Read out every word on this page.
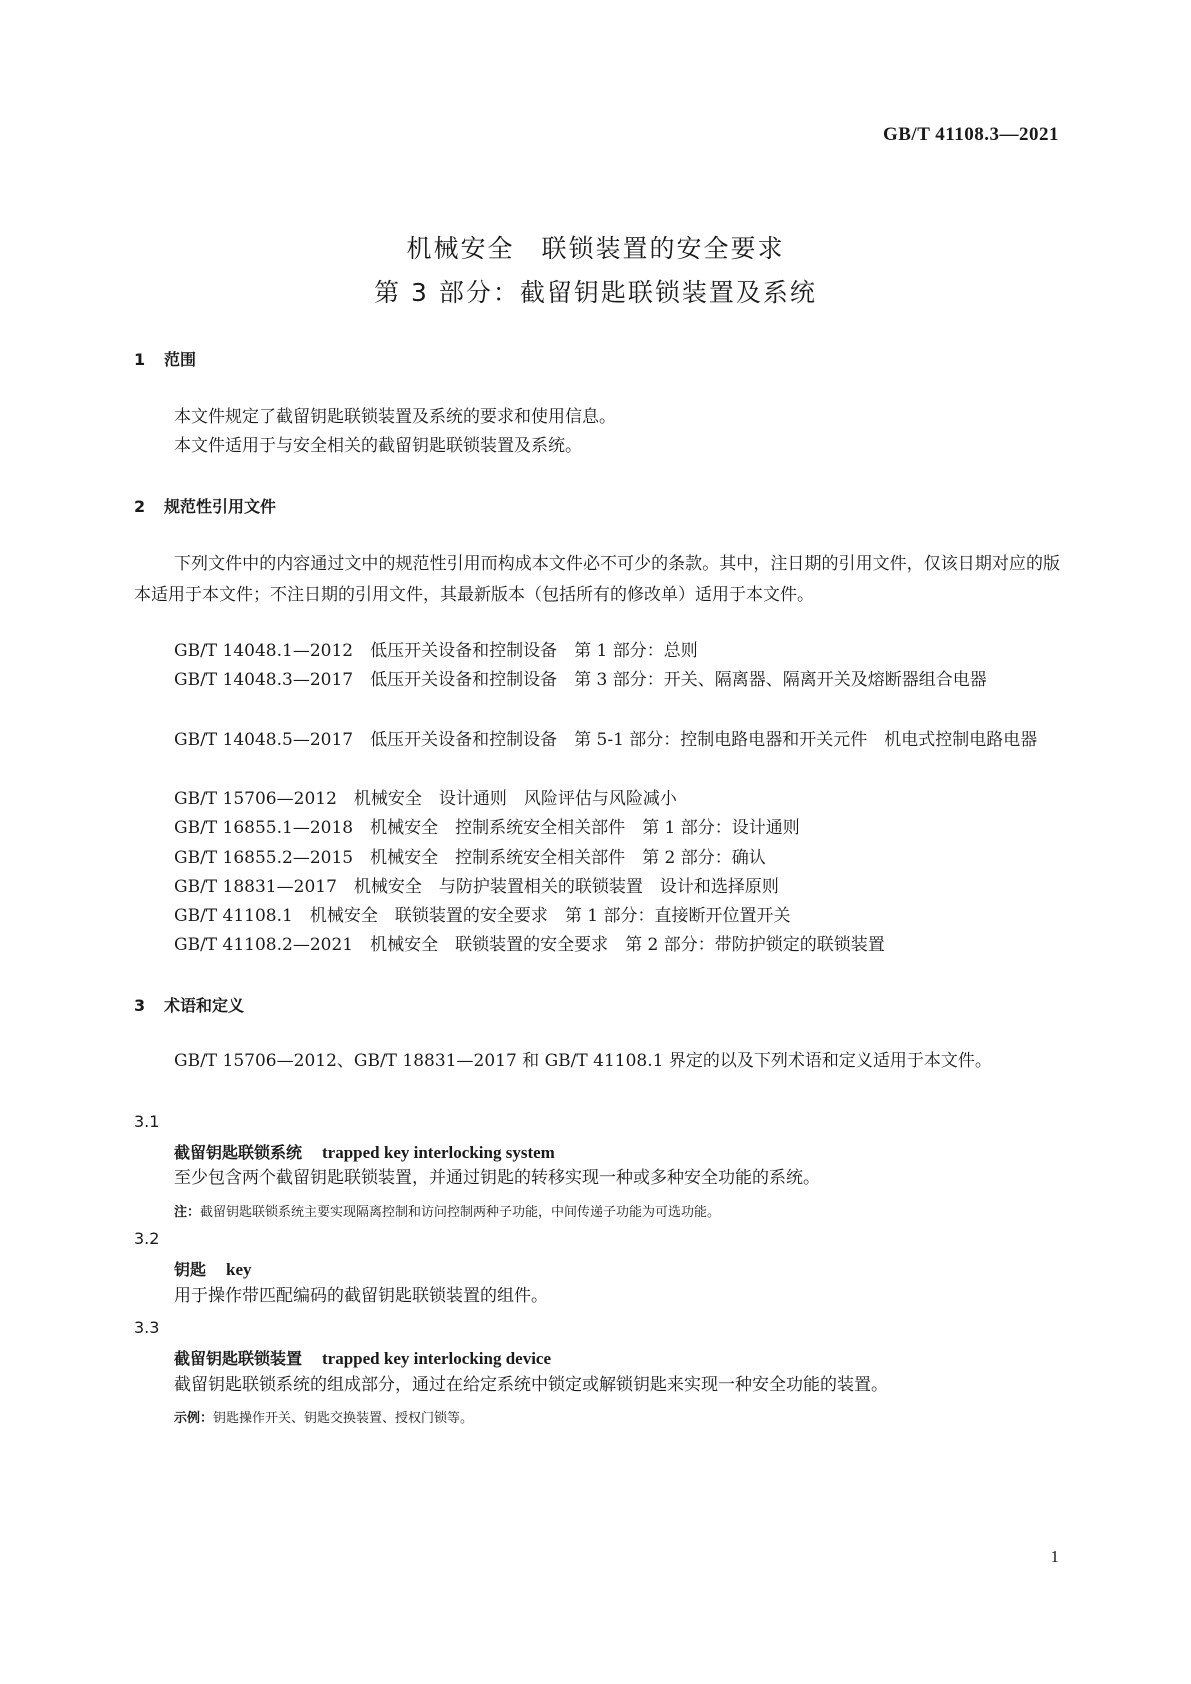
GB/T 41108.3—2021
机械安全　联锁装置的安全要求
第 3 部分：截留钥匙联锁装置及系统
1 范围
本文件规定了截留钥匙联锁装置及系统的要求和使用信息。
本文件适用于与安全相关的截留钥匙联锁装置及系统。
2 规范性引用文件
下列文件中的内容通过文中的规范性引用而构成本文件必不可少的条款。其中，注日期的引用文件，仅该日期对应的版本适用于本文件；不注日期的引用文件，其最新版本（包括所有的修改单）适用于本文件。
GB/T 14048.1—2012　低压开关设备和控制设备　第 1 部分：总则
GB/T 14048.3—2017　低压开关设备和控制设备　第 3 部分：开关、隔离器、隔离开关及熔断器组合电器
GB/T 14048.5—2017　低压开关设备和控制设备　第 5-1 部分：控制电路电器和开关元件　机电式控制电路电器
GB/T 15706—2012　机械安全　设计通则　风险评估与风险减小
GB/T 16855.1—2018　机械安全　控制系统安全相关部件　第 1 部分：设计通则
GB/T 16855.2—2015　机械安全　控制系统安全相关部件　第 2 部分：确认
GB/T 18831—2017　机械安全　与防护装置相关的联锁装置　设计和选择原则
GB/T 41108.1　机械安全　联锁装置的安全要求　第 1 部分：直接断开位置开关
GB/T 41108.2—2021　机械安全　联锁装置的安全要求　第 2 部分：带防护锁定的联锁装置
3 术语和定义
GB/T 15706—2012、GB/T 18831—2017 和 GB/T 41108.1 界定的以及下列术语和定义适用于本文件。
3.1
截留钥匙联锁系统 trapped key interlocking system
至少包含两个截留钥匙联锁装置，并通过钥匙的转移实现一种或多种安全功能的系统。
注：截留钥匙联锁系统主要实现隔离控制和访问控制两种子功能，中间传递子功能为可选功能。
3.2
钥匙 key
用于操作带匹配编码的截留钥匙联锁装置的组件。
3.3
截留钥匙联锁装置 trapped key interlocking device
截留钥匙联锁系统的组成部分，通过在给定系统中锁定或解锁钥匙来实现一种安全功能的装置。
示例：钥匙操作开关、钥匙交换装置、授权门锁等。
1
